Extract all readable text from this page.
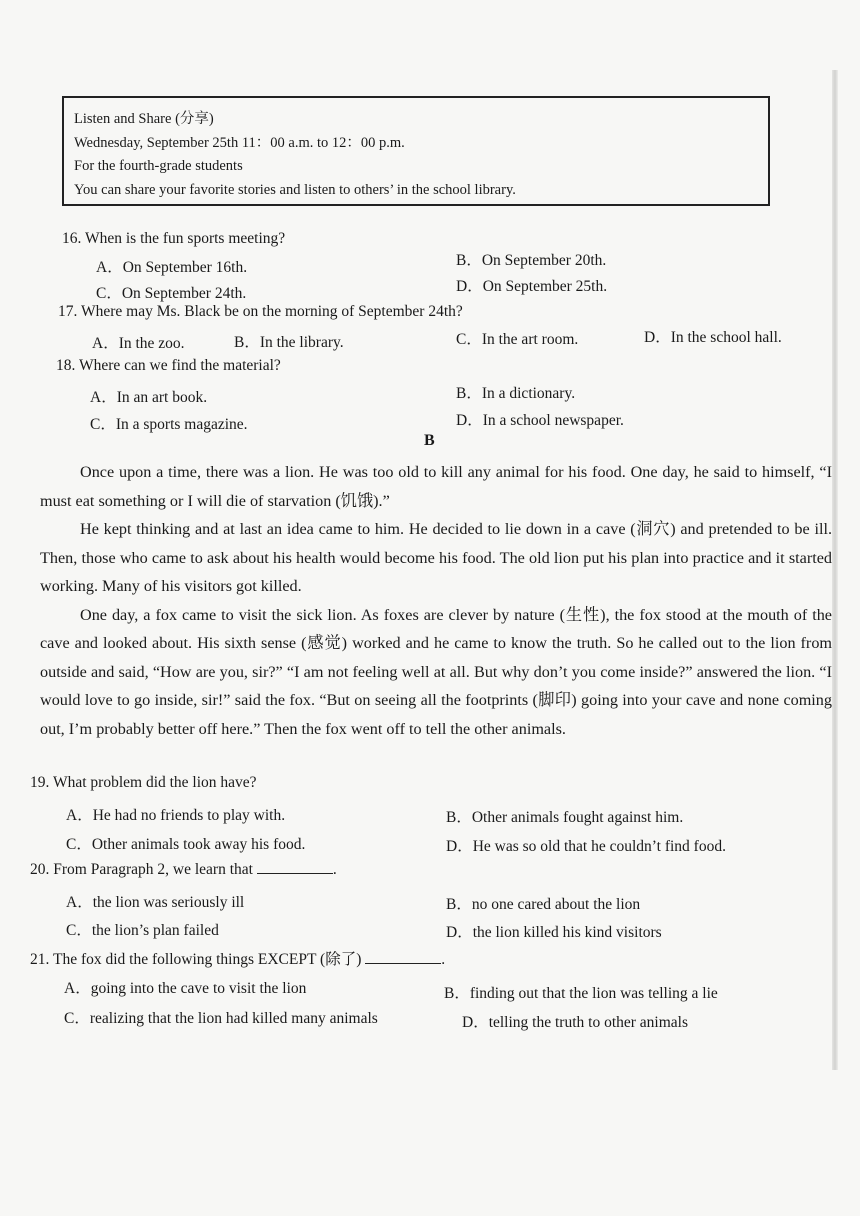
Listen and Share (分享)
Wednesday, September 25th 11：00 a.m. to 12：00 p.m.
For the fourth-grade students
You can share your favorite stories and listen to others’ in the school library.
16. When is the fun sports meeting?
A．On September 16th.	B．On September 20th.
C．On September 24th.	D．On September 25th.
17. Where may Ms. Black be on the morning of September 24th?
A．In the zoo.	B．In the library.	C．In the art room.	D．In the school hall.
18. Where can we find the material?
A．In an art book.	B．In a dictionary.
C．In a sports magazine.	D．In a school newspaper.
B

Once upon a time, there was a lion. He was too old to kill any animal for his food. One day, he said to himself, “I must eat something or I will die of starvation (饥饿).”

He kept thinking and at last an idea came to him. He decided to lie down in a cave (洞穴) and pretended to be ill. Then, those who came to ask about his health would become his food. The old lion put his plan into practice and it started working. Many of his visitors got killed.

One day, a fox came to visit the sick lion. As foxes are clever by nature (生性), the fox stood at the mouth of the cave and looked about. His sixth sense (感觉) worked and he came to know the truth. So he called out to the lion from outside and said, “How are you, sir?” “I am not feeling well at all. But why don’t you come inside?” answered the lion. “I would love to go inside, sir!” said the fox. “But on seeing all the footprints (脚印) going into your cave and none coming out, I’m probably better off here.” Then the fox went off to tell the other animals.

19. What problem did the lion have?
A．He had no friends to play with.	B．Other animals fought against him.
C．Other animals took away his food.	D．He was so old that he couldn’t find food.
20. From Paragraph 2, we learn that	.
A．the lion was seriously ill	B．no one cared about the lion
C．the lion’s plan failed	D．the lion killed his kind visitors
21. The fox did the following things EXCEPT (除了)	.
A．going into the cave to visit the lion	B．finding out that the lion was telling a lie
C．realizing that the lion had killed many animals	D．telling the truth to other animals
